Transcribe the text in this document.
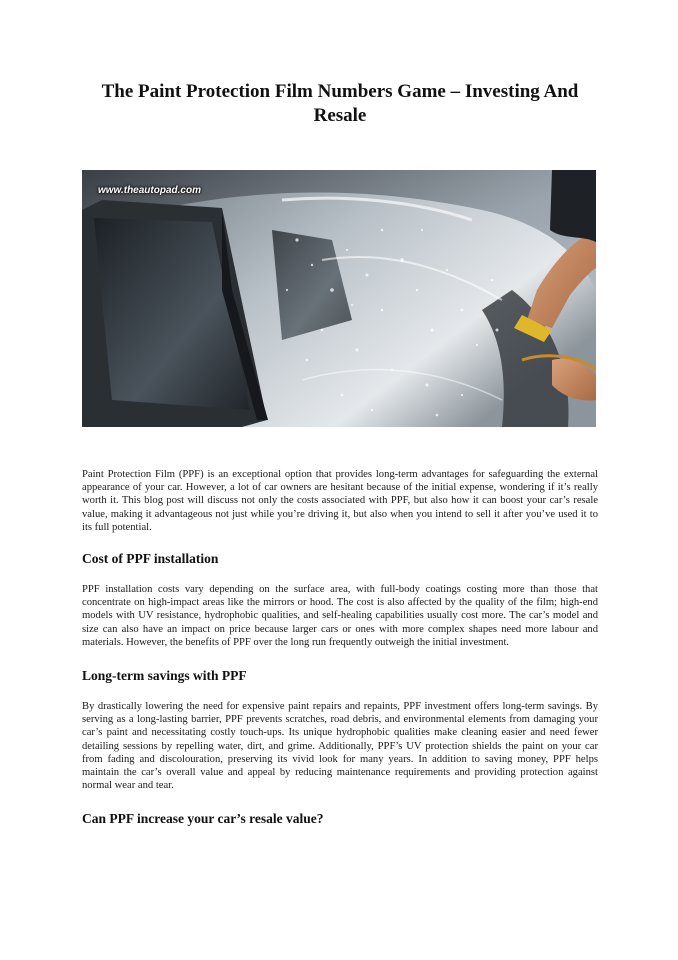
The Paint Protection Film Numbers Game – Investing And Resale
www.theautopad.com

Paint Protection Film (PPF) is an exceptional option that provides long-term advantages for safeguarding the external appearance of your car. However, a lot of car owners are hesitant because of the initial expense, wondering if it’s really worth it. This blog post will discuss not only the costs associated with PPF, but also how it can boost your car’s resale value, making it advantageous not just while you’re driving it, but also when you intend to sell it after you’ve used it to its full potential.

Cost of PPF installation

PPF installation costs vary depending on the surface area, with full-body coatings costing more than those that concentrate on high-impact areas like the mirrors or hood. The cost is also affected by the quality of the film; high-end models with UV resistance, hydrophobic qualities, and self-healing capabilities usually cost more. The car’s model and size can also have an impact on price because larger cars or ones with more complex shapes need more labour and materials. However, the benefits of PPF over the long run frequently outweigh the initial investment.

Long-term savings with PPF

By drastically lowering the need for expensive paint repairs and repaints, PPF investment offers long-term savings. By serving as a long-lasting barrier, PPF prevents scratches, road debris, and environmental elements from damaging your car’s paint and necessitating costly touch-ups. Its unique hydrophobic qualities make cleaning easier and need fewer detailing sessions by repelling water, dirt, and grime. Additionally, PPF’s UV protection shields the paint on your car from fading and discolouration, preserving its vivid look for many years. In addition to saving money, PPF helps maintain the car’s overall value and appeal by reducing maintenance requirements and providing protection against normal wear and tear.

Can PPF increase your car’s resale value?
